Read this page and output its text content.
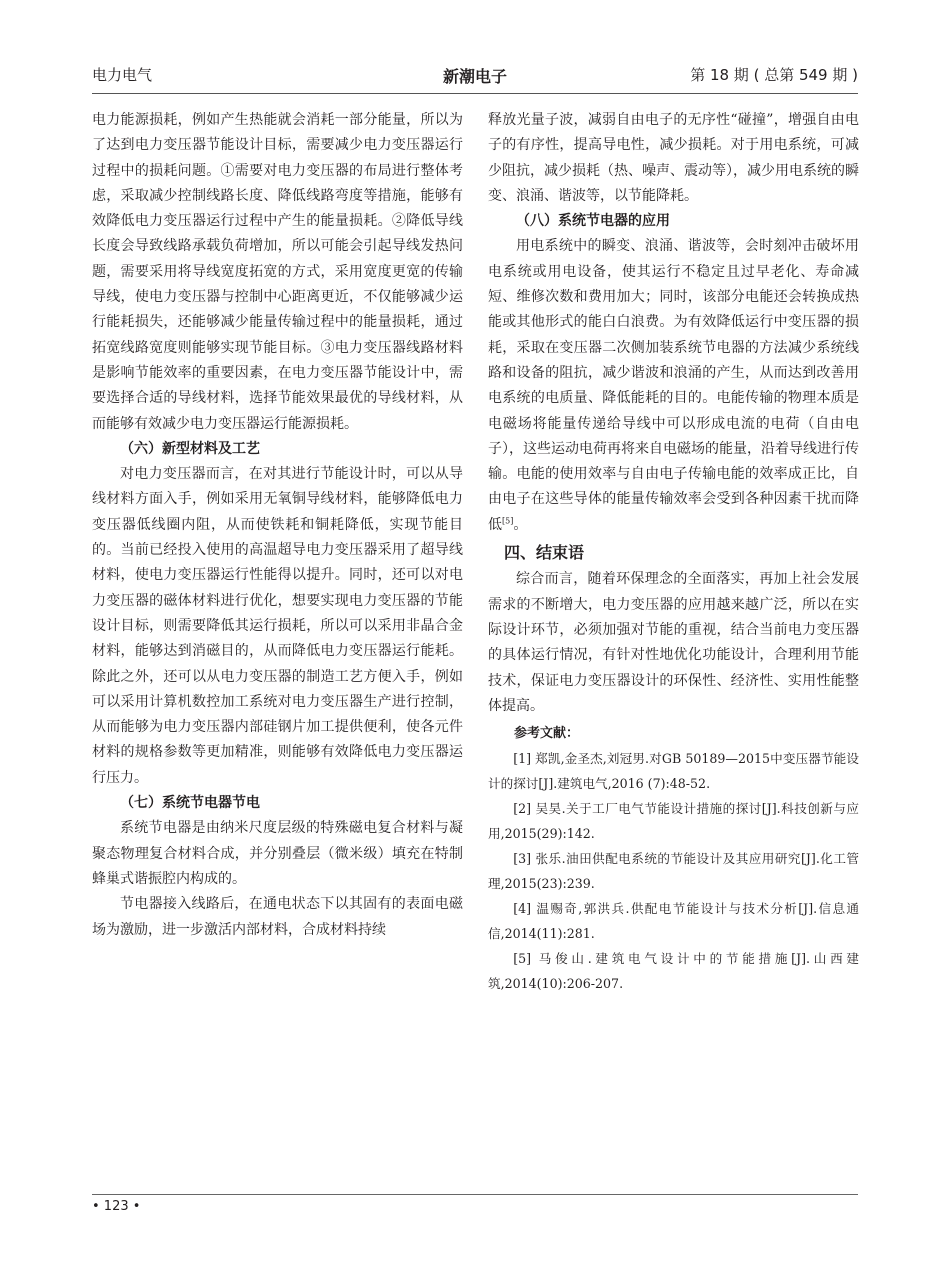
电力电气	新潮电子	第 18 期 ( 总第 549 期 )

电力能源损耗，例如产生热能就会消耗一部分能量，所以为了达到电力变压器节能设计目标，需要减少电力变压器运行过程中的损耗问题。①需要对电力变压器的布局进行整体考虑，采取减少控制线路长度、降低线路弯度等措施，能够有效降低电力变压器运行过程中产生的能量损耗。②降低导线长度会导致线路承载负荷增加，所以可能会引起导线发热问题，需要采用将导线宽度拓宽的方式，采用宽度更宽的传输导线，使电力变压器与控制中心距离更近，不仅能够减少运行能耗损失，还能够减少能量传输过程中的能量损耗，通过拓宽线路宽度则能够实现节能目标。③电力变压器线路材料是影响节能效率的重要因素，在电力变压器节能设计中，需要选择合适的导线材料，选择节能效果最优的导线材料，从而能够有效减少电力变压器运行能源损耗。

（六）新型材料及工艺

对电力变压器而言，在对其进行节能设计时，可以从导线材料方面入手，例如采用无氧铜导线材料，能够降低电力变压器低线圈内阻，从而使铁耗和铜耗降低，实现节能目的。当前已经投入使用的高温超导电力变压器采用了超导线材料，使电力变压器运行性能得以提升。同时，还可以对电力变压器的磁体材料进行优化，想要实现电力变压器的节能设计目标，则需要降低其运行损耗，所以可以采用非晶合金材料，能够达到消磁目的，从而降低电力变压器运行能耗。除此之外，还可以从电力变压器的制造工艺方便入手，例如可以采用计算机数控加工系统对电力变压器生产进行控制，从而能够为电力变压器内部硅钢片加工提供便利，使各元件材料的规格参数等更加精准，则能够有效降低电力变压器运行压力。

（七）系统节电器节电

系统节电器是由纳米尺度层级的特殊磁电复合材料与凝聚态物理复合材料合成，并分别叠层（微米级）填充在特制蜂巢式谐振腔内构成的。

节电器接入线路后，在通电状态下以其固有的表面电磁场为激励，进一步激活内部材料，合成材料持续

释放光量子波，减弱自由电子的无序性“碰撞”，增强自由电子的有序性，提高导电性，减少损耗。对于用电系统，可减少阻抗，减少损耗（热、噪声、震动等），减少用电系统的瞬变、浪涌、谐波等，以节能降耗。

（八）系统节电器的应用

用电系统中的瞬变、浪涌、谐波等，会时刻冲击破坏用电系统或用电设备，使其运行不稳定且过早老化、寿命减短、维修次数和费用加大；同时，该部分电能还会转换成热能或其他形式的能白白浪费。为有效降低运行中变压器的损耗，采取在变压器二次侧加装系统节电器的方法减少系统线路和设备的阻抗，减少谐波和浪涌的产生，从而达到改善用电系统的电质量、降低能耗的目的。电能传输的物理本质是电磁场将能量传递给导线中可以形成电流的电荷（自由电子），这些运动电荷再将来自电磁场的能量，沿着导线进行传输。电能的使用效率与自由电子传输电能的效率成正比，自由电子在这些导体的能量传输效率会受到各种因素干扰而降低[5]。

四、结束语

综合而言，随着环保理念的全面落实，再加上社会发展需求的不断增大，电力变压器的应用越来越广泛，所以在实际设计环节，必须加强对节能的重视，结合当前电力变压器的具体运行情况，有针对性地优化功能设计，合理利用节能技术，保证电力变压器设计的环保性、经济性、实用性能整体提高。

参考文献：

[1] 郑凯,金圣杰,刘冠男.对GB 50189—2015中变压器节能设计的探讨[J].建筑电气,2016 (7):48-52.

[2] 吴昊.关于工厂电气节能设计措施的探讨[J].科技创新与应用,2015(29):142.

[3] 张乐.油田供配电系统的节能设计及其应用研究[J].化工管理,2015(23):239.

[4] 温赐奇,郭洪兵.供配电节能设计与技术分析[J].信息通信,2014(11):281.

[5] 马俊山.建筑电气设计中的节能措施[J].山西建筑,2014(10):206-207.

• 123 •
